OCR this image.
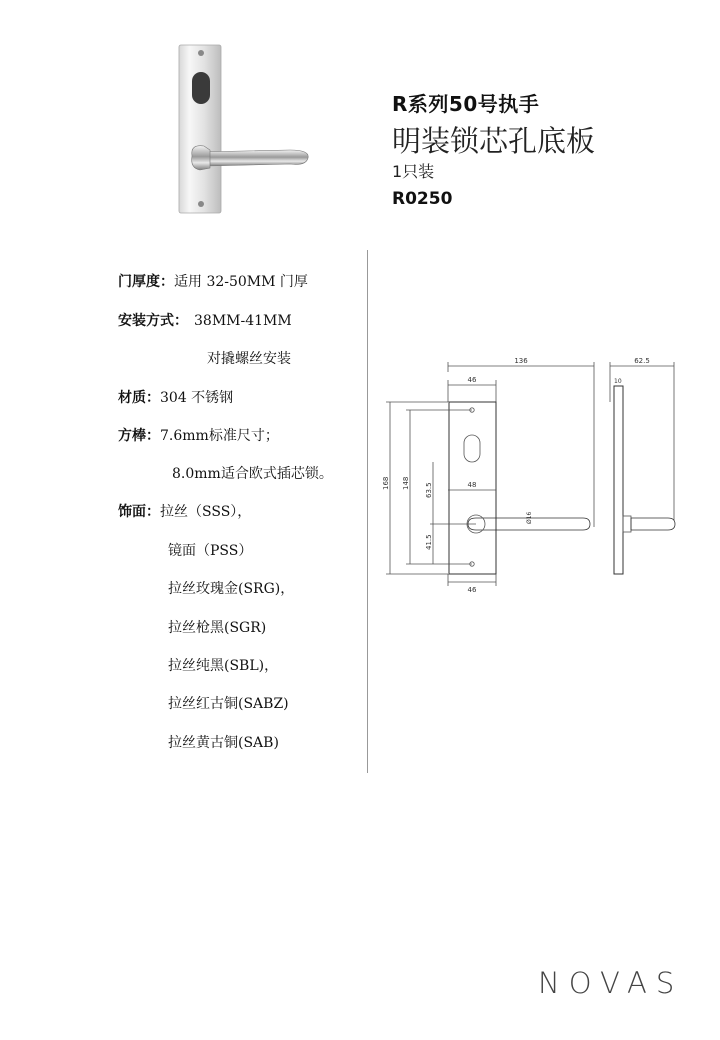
R系列50号执手
明装锁芯孔底板
1只装
R0250
门厚度：适用 32-50MM 门厚
安装方式： 38MM-41MM
对撬螺丝安装
材质：304 不锈钢
方棒：7.6mm标准尺寸；
8.0mm适合欧式插芯锁。
饰面：拉丝（SSS），
镜面（PSS）
拉丝玫瑰金(SRG)，
拉丝枪黑(SGR)
拉丝纯黑(SBL)，
拉丝红古铜(SABZ)
拉丝黄古铜(SAB)
136
46
Ø16
168 148 63.5
41.5
48
46
62.5
10
NOVAS
